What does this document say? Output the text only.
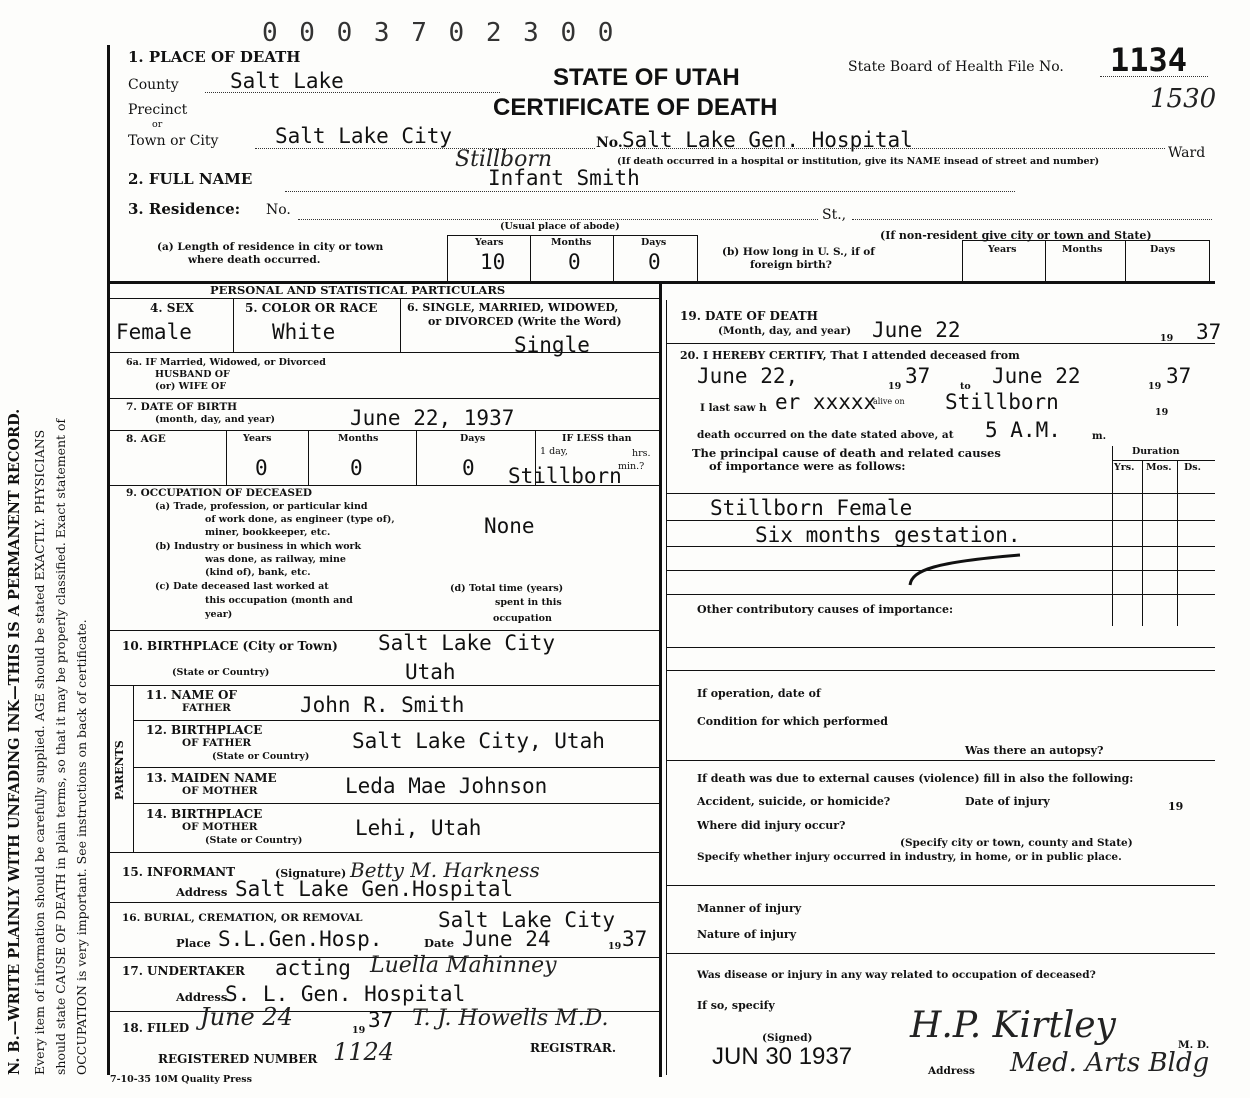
N. B.—WRITE PLAINLY WITH UNFADING INK—THIS IS A PERMANENT RECORD. Every item of information should be carefully supplied. AGE should be stated EXACTLY. PHYSICIANS should state CAUSE OF DEATH in plain terms, so that it may be properly classified. Exact statement of OCCUPATION is very important. See instructions on back of certificate.
0 0 0 3 7 0 2 3 0 0
STATE OF UTAH
CERTIFICATE OF DEATH
State Board of Health File No. 1134
1530
1. PLACE OF DEATH
County Salt Lake
Precinct
or
Town or City	Salt Lake City	No. Salt Lake Gen. Hospital
Ward
(If death occurred in a hospital or institution, give its NAME insead of street and number)
2. FULL NAME
Stillborn
Infant Smith
3. Residence: No.	St.,
(Usual place of abode)
(If non-resident give city or town and State)
(a) Length of residence in city or town
where death occurred.
Years	Months	Days
10	0	0	(b) How long in U. S., if of
foreign birth?
Years	Months	Days
PERSONAL AND STATISTICAL PARTICULARS
4. SEX
Female
5. COLOR OR RACE
White
6. SINGLE, MARRIED, WIDOWED,
or DIVORCED (Write the Word)
Single
6a. IF Married, Widowed, or Divorced
HUSBAND OF
(or) WIFE OF
7. DATE OF BIRTH
(month, day, and year)	June 22, 1937
8. AGE	Years	Months	Days
0	0	0
IF LESS than
1 day,	hrs.
min.?
Stillborn
9. OCCUPATION OF DECEASED
(a) Trade, profession, or particular kind
of work done, as engineer (type of),
miner, bookkeeper, etc.	None
(b) Industry or business in which work
was done, as railway, mine
(kind of), bank, etc.
(c) Date deceased last worked at
this occupation (month and
year)
(d) Total time (years)
spent in this
occupation
10. BIRTHPLACE (City or Town) Salt Lake City
(State or Country)	Utah
PARENTS
11. NAME OF
FATHER	John R. Smith
12. BIRTHPLACE
OF FATHER
(State or Country)
Salt Lake City, Utah
13. MAIDEN NAME
OF MOTHER	Leda Mae Johnson
14. BIRTHPLACE
OF MOTHER
(State or Country)
Lehi, Utah
15. INFORMANT	(Signature) Betty M. Harkness
Address Salt Lake Gen.Hospital
16. BURIAL, CREMATION, OR REMOVAL	Salt Lake City
Place S.L.Gen.Hosp.	Date June 24	19 37
17. UNDERTAKER acting Luella Mahinney
Address
S. L. Gen. Hospital
18. FILED June 24	19 37 T. J. Howells M.D.
REGISTRAR.
REGISTERED NUMBER 1124
7-10-35 10M Quality Press
19. DATE OF DEATH
(Month, day, and year) June 22	19 37
20. I HEREBY CERTIFY, That I attended deceased from
June 22,	19 37	to June 22	19 37
I last saw h er xxxxx
alive on Stillborn	19
death occurred on the date stated above, at 5 A.M.	m.
The principal cause of death and related causes
of importance were as follows:
Duration
Yrs. Mos. Ds.
Stillborn Female
Six months gestation.
Other contributory causes of importance:
If operation, date of
Condition for which performed
Was there an autopsy?
If death was due to external causes (violence) fill in also the following:
Accident, suicide, or homicide?	Date of injury	19
Where did injury occur?
(Specify city or town, county and State)
Specify whether injury occurred in industry, in home, or in public place.
Manner of injury
Nature of injury
Was disease or injury in any way related to occupation of deceased?
If so, specify
(Signed)
JUN 30 1937
H.P. Kirtley	M. D.
Address Med. Arts Bldg
